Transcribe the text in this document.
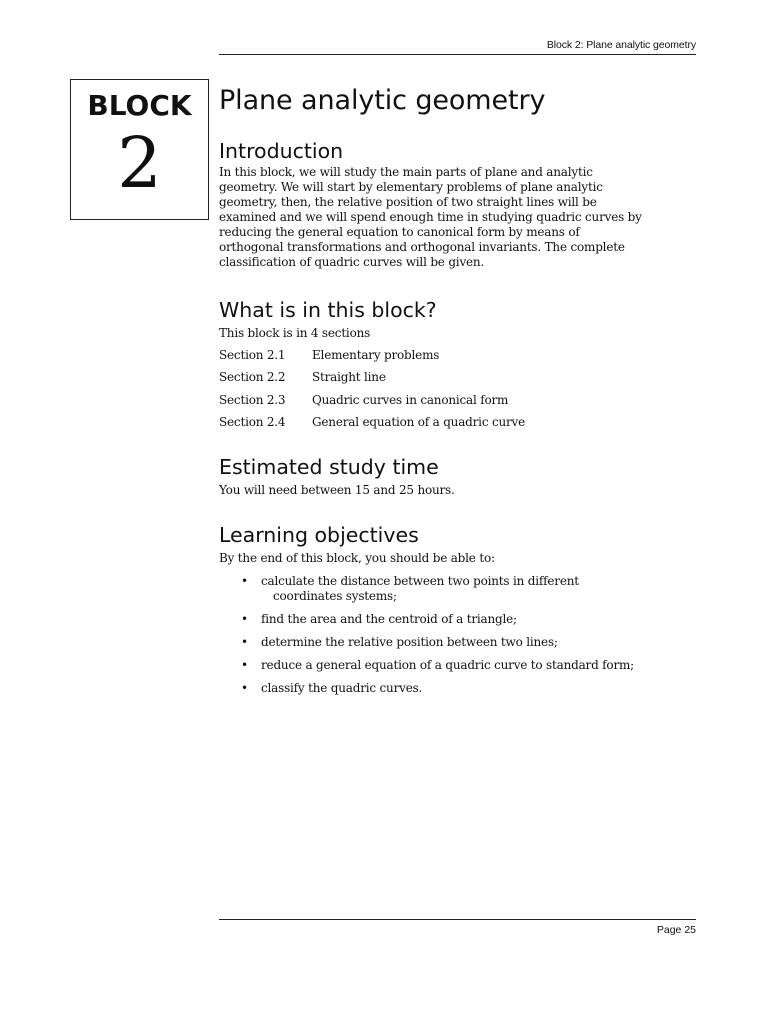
Block 2: Plane analytic geometry
BLOCK
2
Plane analytic geometry
Introduction

In this block, we will study the main parts of plane and analytic

geometry. We will start by elementary problems of plane analytic

geometry, then, the relative position of two straight lines will be

examined and we will spend enough time in studying quadric curves by

reducing the general equation to canonical form by means of

orthogonal transformations and orthogonal invariants. The complete

classification of quadric curves will be given.

What is in this block?

This block is in 4 sections

Section 2.1	Elementary problems
Section 2.2	Straight line
Section 2.3	Quadric curves in canonical form
Section 2.4	General equation of a quadric curve
Estimated study time

You will need between 15 and 25 hours.

Learning objectives

By the end of this block, you should be able to:

• calculate the distance between two points in different
coordinates systems;
• find the area and the centroid of a triangle;
• determine the relative position between two lines;
• reduce a general equation of a quadric curve to standard form;
• classify the quadric curves.
Page 25
